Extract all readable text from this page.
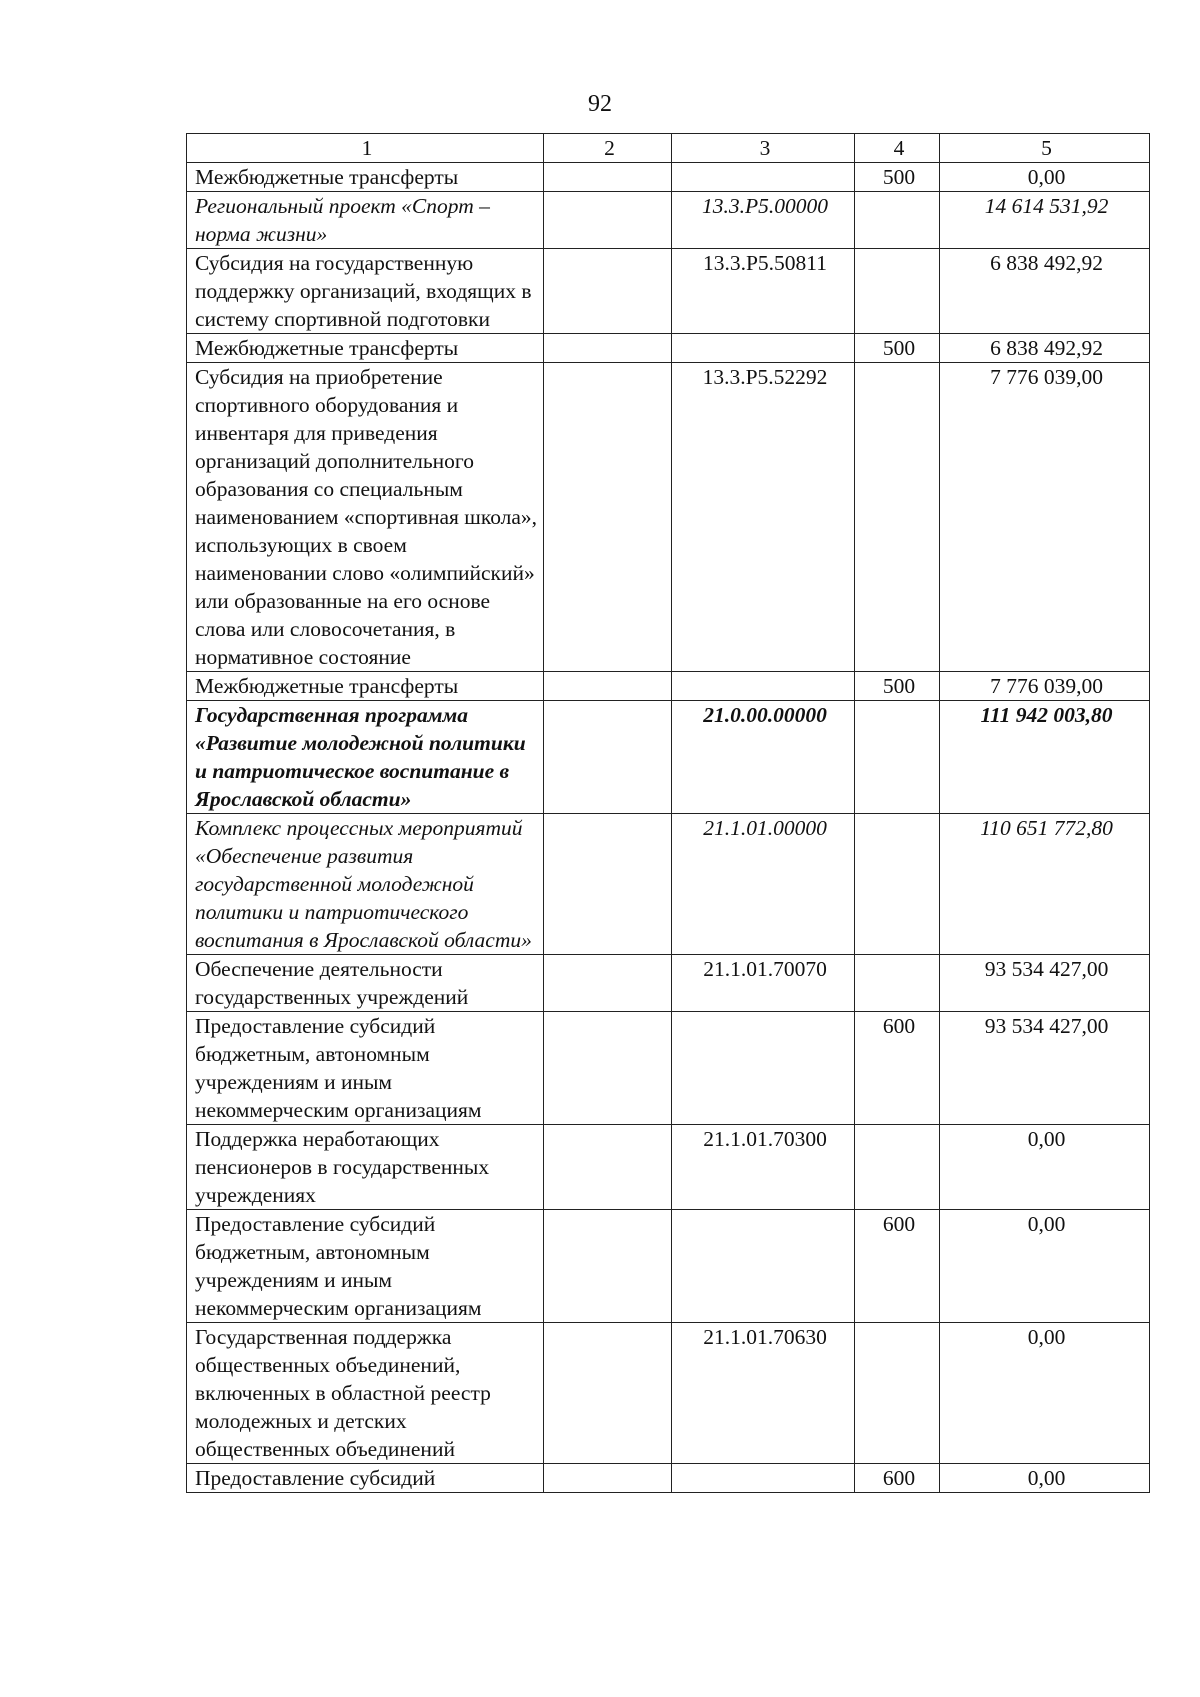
92
1	2	3	4	5
Межбюджетные трансферты			500	0,00
Региональный проект «Спорт – норма жизни»		13.3.Р5.00000		14 614 531,92
Субсидия на государственную поддержку организаций, входящих в систему спортивной подготовки		13.3.Р5.50811		6 838 492,92
Межбюджетные трансферты			500	6 838 492,92
Субсидия на приобретение спортивного оборудования и инвентаря для приведения организаций дополнительного образования со специальным наименованием «спортивная школа», использующих в своем наименовании слово «олимпийский» или образованные на его основе слова или словосочетания, в нормативное состояние		13.3.Р5.52292		7 776 039,00
Межбюджетные трансферты			500	7 776 039,00
Государственная программа «Развитие молодежной политики и патриотическое воспитание в Ярославской области»		21.0.00.00000		111 942 003,80
Комплекс процессных мероприятий «Обеспечение развития государственной молодежной политики и патриотического воспитания в Ярославской области»		21.1.01.00000		110 651 772,80
Обеспечение деятельности государственных учреждений		21.1.01.70070		93 534 427,00
Предоставление субсидий бюджетным, автономным учреждениям и иным некоммерческим организациям			600	93 534 427,00
Поддержка неработающих пенсионеров в государственных учреждениях		21.1.01.70300		0,00
Предоставление субсидий бюджетным, автономным учреждениям и иным некоммерческим организациям			600	0,00
Государственная поддержка общественных объединений, включенных в областной реестр молодежных и детских общественных объединений		21.1.01.70630		0,00
Предоставление субсидий			600	0,00
